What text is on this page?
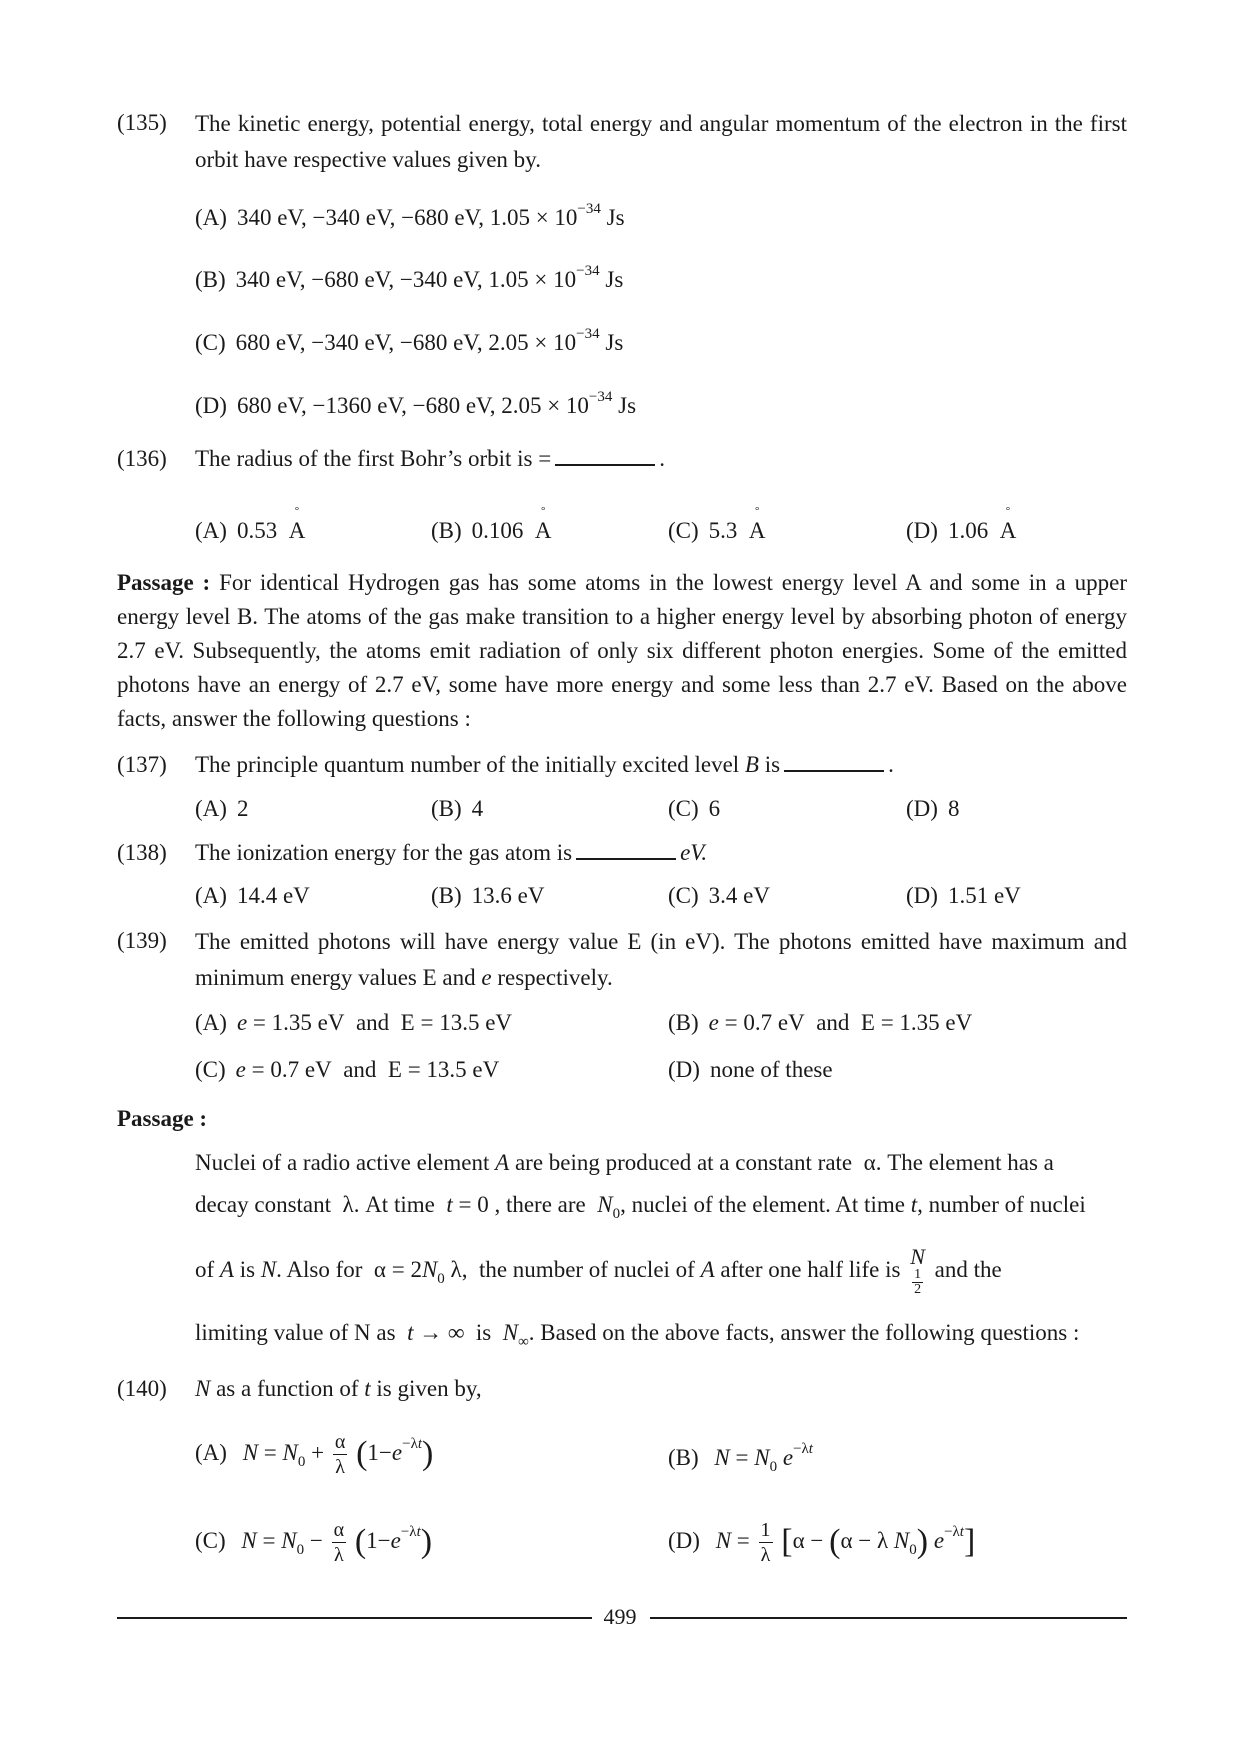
(135) The kinetic energy, potential energy, total energy and angular momentum of the electron in the first orbit have respective values given by.
(A) 340 eV, −340 eV, −680 eV, $1.05 \times 10^{-34}$ Js
(B) 340 eV, −680 eV, −340 eV, $1.05 \times 10^{-34}$ Js
(C) 680 eV, −340 eV, −680 eV, $2.05 \times 10^{-34}$ Js
(D) 680 eV, −1360 eV, −680 eV, $2.05 \times 10^{-34}$ Js
(136) The radius of the first Bohr’s orbit is =	.
(A) 0.53
°
A	(B) 0.106
°
A	(C) 5.3
°
A	(D) 1.06
°
A
Passage : For identical Hydrogen gas has some atoms in the lowest energy level A and some in a upper energy level B. The atoms of the gas make transition to a higher energy level by absorbing photon of energy 2.7 eV. Subsequently, the atoms emit radiation of only six different photon energies. Some of the emitted photons have an energy of 2.7 eV, some have more energy and some less than 2.7 eV. Based on the above facts, answer the following questions :
(137) The principle quantum number of the initially excited level B is	.
(A) 2	(B) 4	(C) 6	(D) 8
(138) The ionization energy for the gas atom is	eV.
(A) 14.4 eV	(B) 13.6 eV	(C) 3.4 eV	(D) 1.51 eV
(139) The emitted photons will have energy value E (in eV). The photons emitted have maximum and minimum energy values E and e respectively.
(A) e = 1.35 eV and E = 13.5 eV	(B) e = 0.7 eV and E = 1.35 eV
(C) e = 0.7 eV and E = 13.5 eV	(D) none of these
Passage :
Nuclei of a radio active element A are being produced at a constant rate α. The element has a
decay constant λ. At time t = 0 , there are $N_0$, nuclei of the element. At time t, number of nuclei
of A is N. Also for $\alpha = 2N_0$ λ,  the number of nuclei of A after one half life is
N
1
2
and the
limiting value of N as t → ∞ is $N_\infty$. Based on the above facts, answer the following questions :
(140) N as a function of t is given by,
(A) $N = N_0 + \frac{\alpha}{\lambda} (1-e^{-\lambda t})$	(B) $N = N_0$ $e^{-\lambda t}$
(C) $N = N_0 - \frac{\alpha}{\lambda} (1-e^{-\lambda t})$	(D) $N = \frac{1}{\lambda} [\alpha - (\alpha - \lambda$ $N_0$) $e^{-\lambda t}$]
499
